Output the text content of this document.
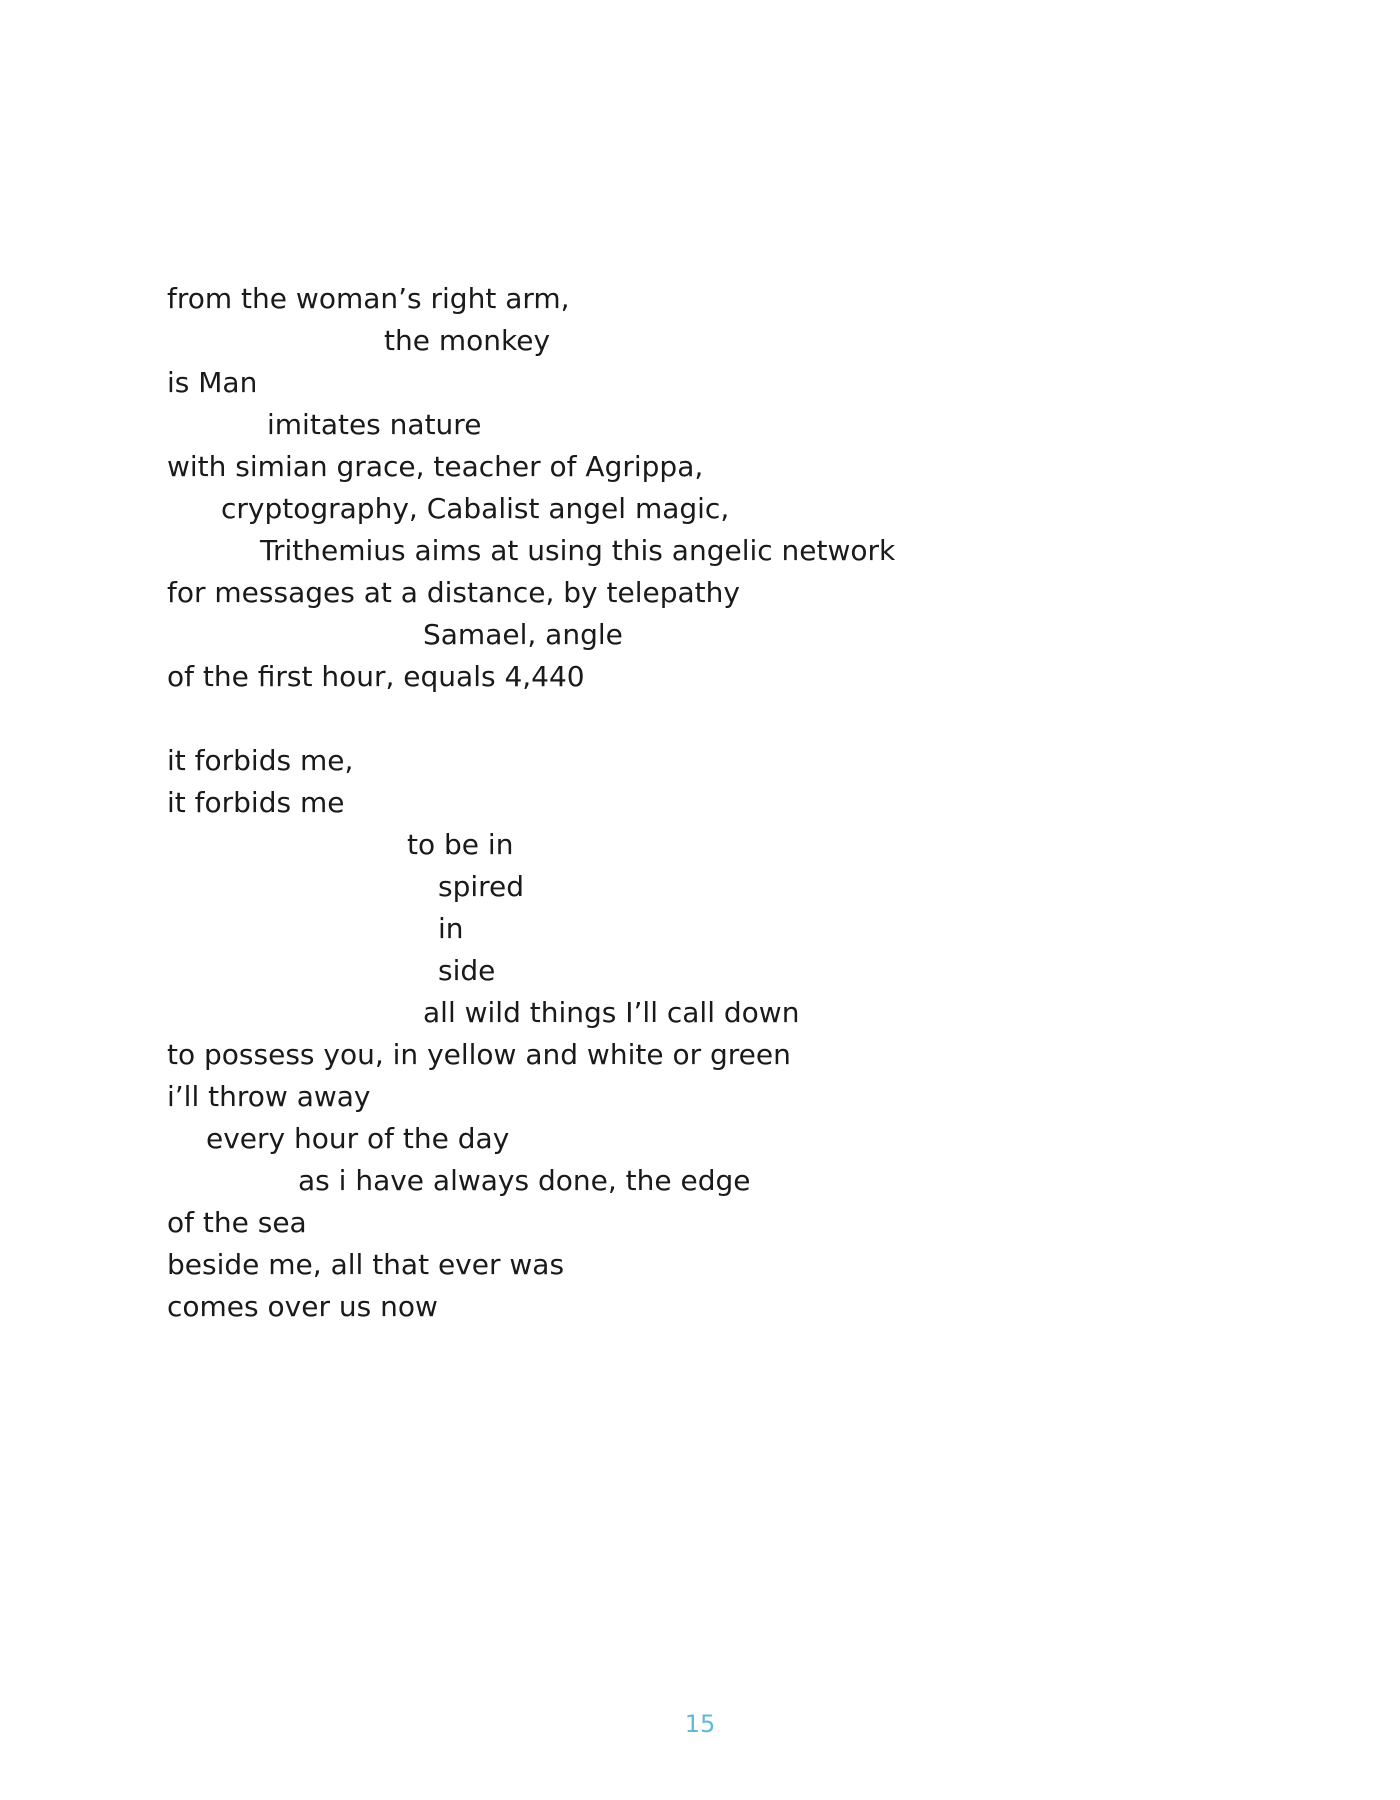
from the woman’s right arm,
the monkey
is Man
imitates nature
with simian grace, teacher of Agrippa,
cryptography, Cabalist angel magic,
Trithemius aims at using this angelic network
for messages at a distance, by telepathy
Samael, angle
of the first hour, equals 4,440
it forbids me,
it forbids me
to be in
spired
in
side
all wild things I’ll call down
to possess you, in yellow and white or green
i’ll throw away
every hour of the day
as i have always done, the edge
of the sea
beside me, all that ever was
comes over us now
15
